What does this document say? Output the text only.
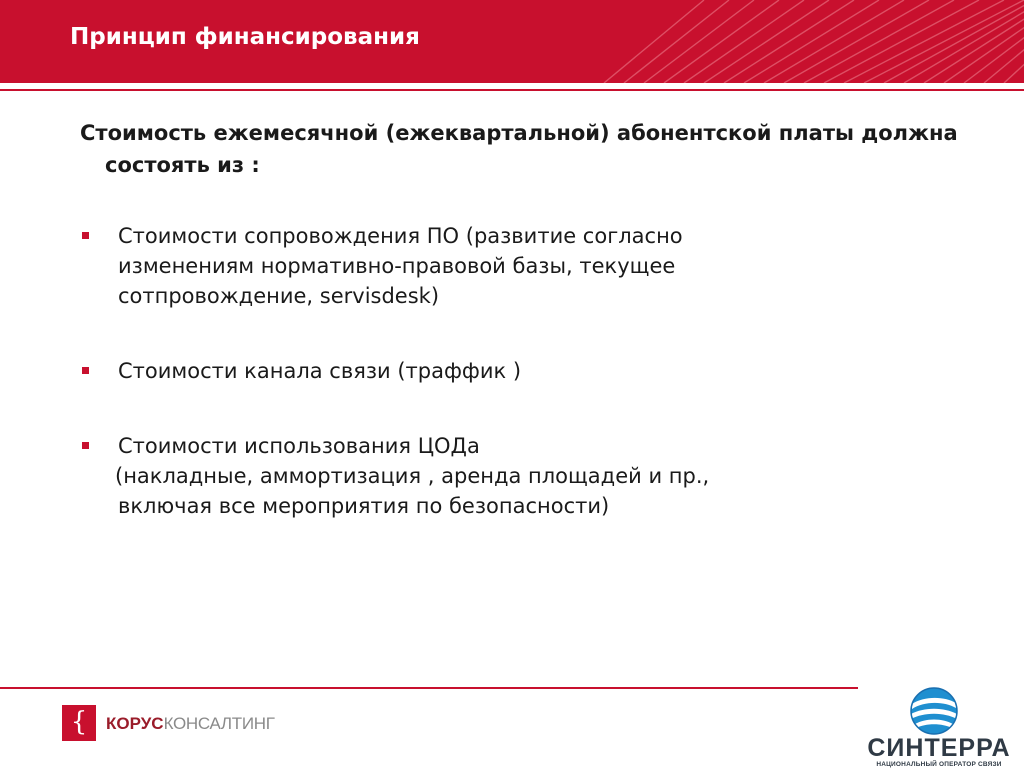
Принцип финансирования

Стоимость ежемесячной (ежеквартальной) абонентской платы должна состоять из :

Стоимости сопровождения ПО (развитие согласно
изменениям нормативно-правовой базы, текущее
сотпровождение, servisdesk)
Стоимости канала связи (траффик )
Стоимости использования ЦОДа
(накладные, аммортизация , аренда площадей и пр.,
включая все мероприятия по безопасности)
{	КОРУСКОНСАЛТИНГ
СИНТЕРРА
НАЦИОНАЛЬНЫЙ ОПЕРАТОР СВЯЗИ
